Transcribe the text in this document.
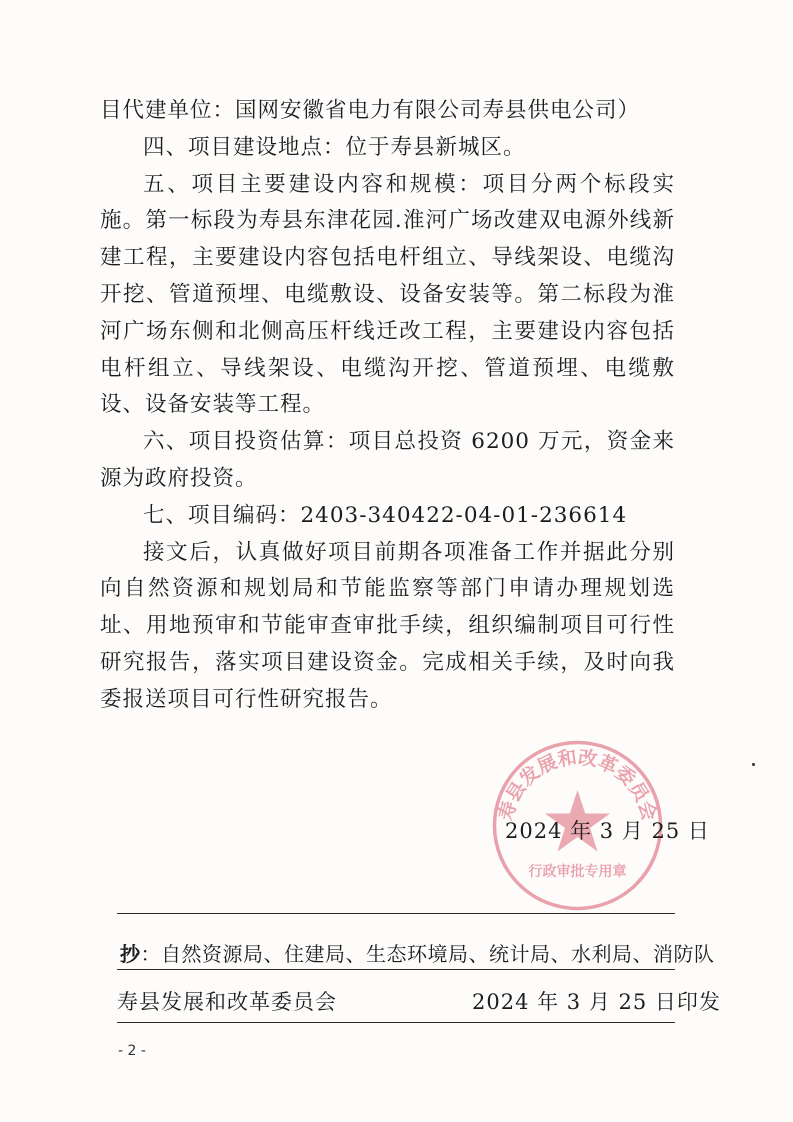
目代建单位：国网安徽省电力有限公司寿县供电公司）

四、项目建设地点：位于寿县新城区。

五、项目主要建设内容和规模：项目分两个标段实施。第一标段为寿县东津花园.淮河广场改建双电源外线新建工程，主要建设内容包括电杆组立、导线架设、电缆沟开挖、管道预埋、电缆敷设、设备安装等。第二标段为淮河广场东侧和北侧高压杆线迁改工程，主要建设内容包括电杆组立、导线架设、电缆沟开挖、管道预埋、电缆敷设、设备安装等工程。

六、项目投资估算：项目总投资 6200 万元，资金来源为政府投资。

七、项目编码：2403-340422-04-01-236614

接文后，认真做好项目前期各项准备工作并据此分别向自然资源和规划局和节能监察等部门申请办理规划选址、用地预审和节能审查审批手续，组织编制项目可行性研究报告，落实项目建设资金。完成相关手续，及时向我委报送项目可行性研究报告。

寿县发展和改革委员会
行政审批专用章
2024 年 3 月 25 日
抄：自然资源局、住建局、生态环境局、统计局、水利局、消防队
寿县发展和改革委员会	2024 年 3 月 25 日印发
- 2 -
